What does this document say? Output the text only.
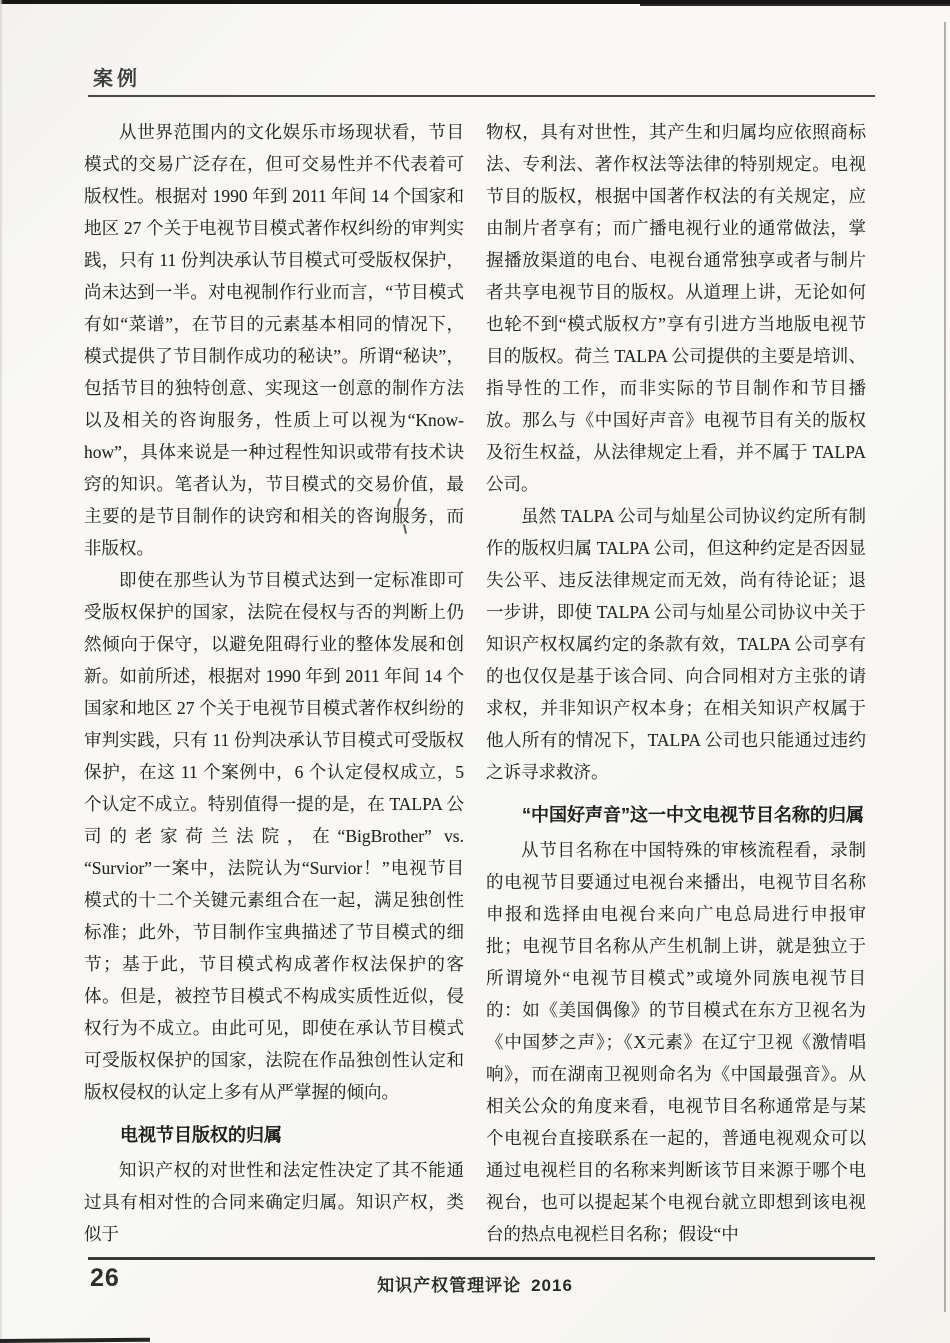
案例

从世界范围内的文化娱乐市场现状看，节目模式的交易广泛存在，但可交易性并不代表着可版权性。根据对 1990 年到 2011 年间 14 个国家和地区 27 个关于电视节目模式著作权纠纷的审判实践，只有 11 份判决承认节目模式可受版权保护，尚未达到一半。对电视制作行业而言，“节目模式有如“菜谱”，在节目的元素基本相同的情况下，模式提供了节目制作成功的秘诀”。所谓“秘诀”，包括节目的独特创意、实现这一创意的制作方法以及相关的咨询服务，性质上可以视为“Know-how”，具体来说是一种过程性知识或带有技术诀窍的知识。笔者认为，节目模式的交易价值，最主要的是节目制作的诀窍和相关的咨询服务，而非版权。

即使在那些认为节目模式达到一定标准即可受版权保护的国家，法院在侵权与否的判断上仍然倾向于保守，以避免阻碍行业的整体发展和创新。如前所述，根据对 1990 年到 2011 年间 14 个国家和地区 27 个关于电视节目模式著作权纠纷的审判实践，只有 11 份判决承认节目模式可受版权保护，在这 11 个案例中，6 个认定侵权成立，5 个认定不成立。特别值得一提的是，在 TALPA 公司的老家荷兰法院，在“BigBrother” vs. “Survior”一案中，法院认为“Survior！”电视节目模式的十二个关键元素组合在一起，满足独创性标准；此外，节目制作宝典描述了节目模式的细节；基于此，节目模式构成著作权法保护的客体。但是，被控节目模式不构成实质性近似，侵权行为不成立。由此可见，即使在承认节目模式可受版权保护的国家，法院在作品独创性认定和版权侵权的认定上多有从严掌握的倾向。

电视节目版权的归属

知识产权的对世性和法定性决定了其不能通过具有相对性的合同来确定归属。知识产权，类似于

物权，具有对世性，其产生和归属均应依照商标法、专利法、著作权法等法律的特别规定。电视节目的版权，根据中国著作权法的有关规定，应由制片者享有；而广播电视行业的通常做法，掌握播放渠道的电台、电视台通常独享或者与制片者共享电视节目的版权。从道理上讲，无论如何也轮不到“模式版权方”享有引进方当地版电视节目的版权。荷兰 TALPA 公司提供的主要是培训、指导性的工作，而非实际的节目制作和节目播放。那么与《中国好声音》电视节目有关的版权及衍生权益，从法律规定上看，并不属于 TALPA 公司。

虽然 TALPA 公司与灿星公司协议约定所有制作的版权归属 TALPA 公司，但这种约定是否因显失公平、违反法律规定而无效，尚有待论证；退一步讲，即使 TALPA 公司与灿星公司协议中关于知识产权权属约定的条款有效，TALPA 公司享有的也仅仅是基于该合同、向合同相对方主张的请求权，并非知识产权本身；在相关知识产权属于他人所有的情况下，TALPA 公司也只能通过违约之诉寻求救济。

“中国好声音”这一中文电视节目名称的归属

从节目名称在中国特殊的审核流程看，录制的电视节目要通过电视台来播出，电视节目名称申报和选择由电视台来向广电总局进行申报审批；电视节目名称从产生机制上讲，就是独立于所谓境外“电视节目模式”或境外同族电视节目的：如《美国偶像》的节目模式在东方卫视名为《中国梦之声》；《X元素》在辽宁卫视《激情唱响》，而在湖南卫视则命名为《中国最强音》。从相关公众的角度来看，电视节目名称通常是与某个电视台直接联系在一起的，普通电视观众可以通过电视栏目的名称来判断该节目来源于哪个电视台，也可以提起某个电视台就立即想到该电视台的热点电视栏目名称；假设“中

26	知识产权管理评论 2016
